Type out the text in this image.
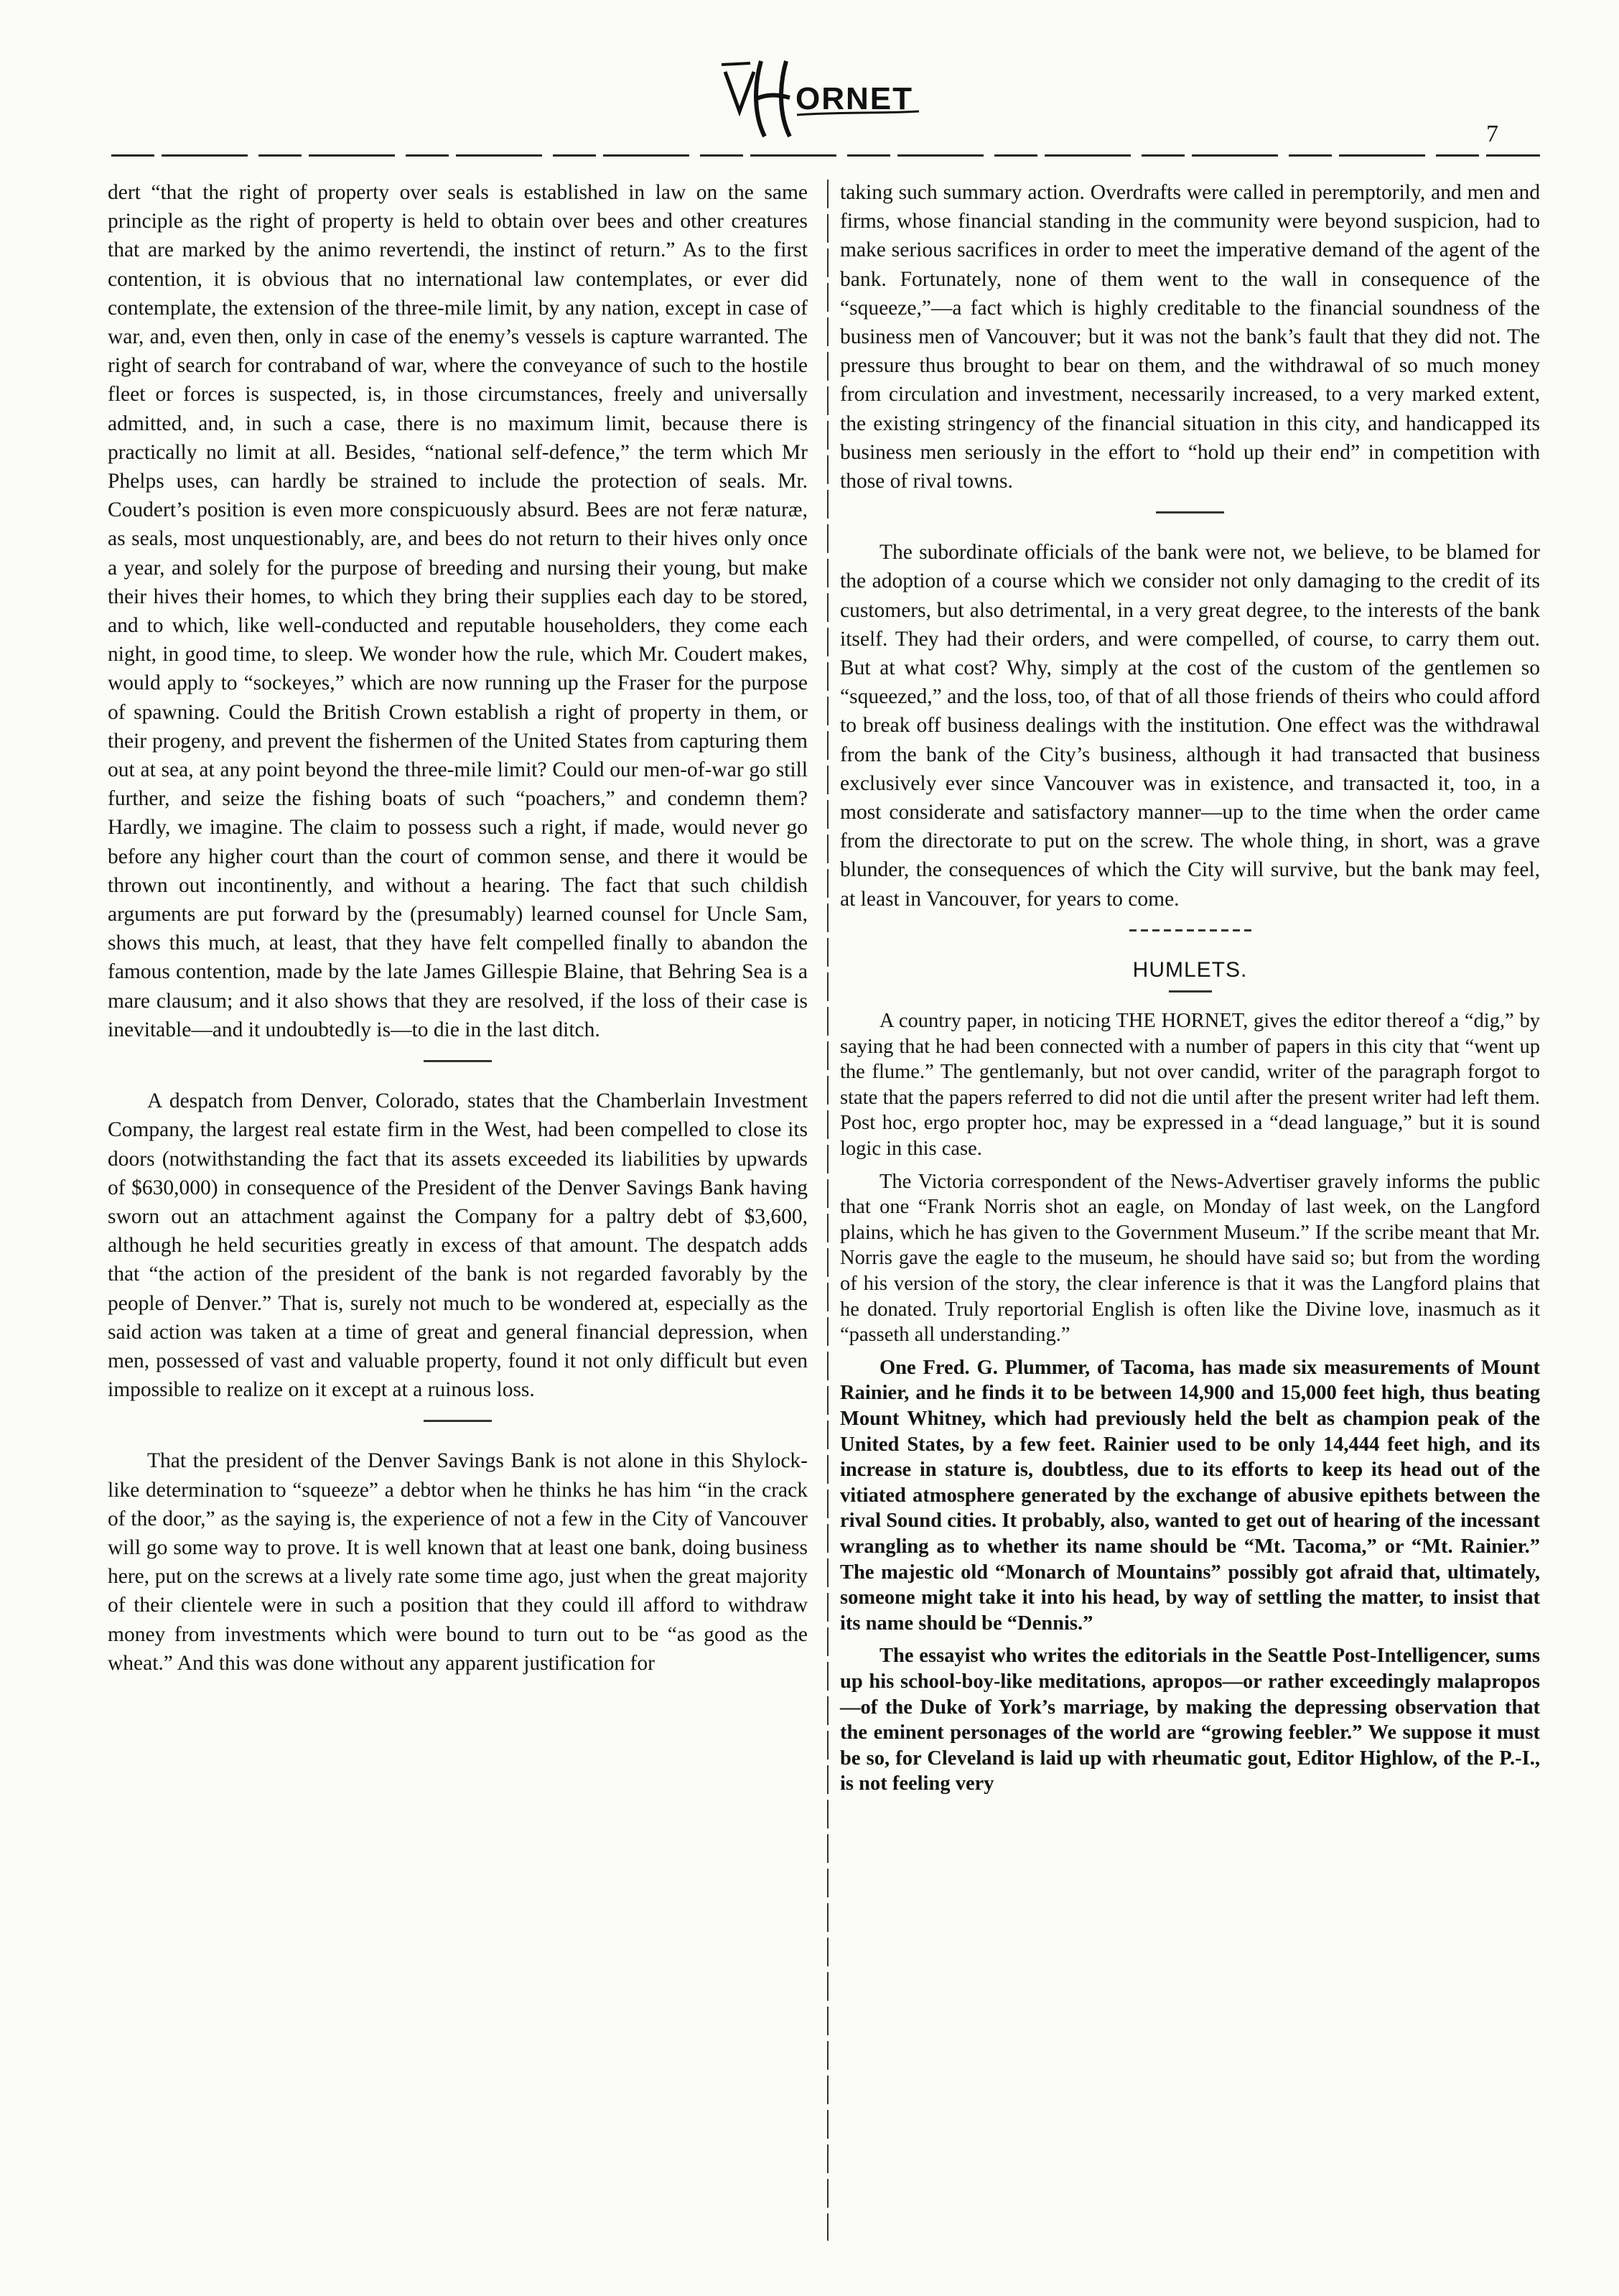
ORNET
7

dert “that the right of property over seals is established in law on the same principle as the right of property is held to obtain over bees and other creatures that are marked by the animo revertendi, the instinct of return.” As to the first contention, it is obvious that no international law contemplates, or ever did contemplate, the extension of the three-mile limit, by any nation, except in case of war, and, even then, only in case of the enemy’s vessels is capture warranted. The right of search for contraband of war, where the conveyance of such to the hostile fleet or forces is suspected, is, in those circumstances, freely and universally admitted, and, in such a case, there is no maximum limit, because there is practically no limit at all. Besides, “national self-defence,” the term which Mr Phelps uses, can hardly be strained to include the protection of seals. Mr. Coudert’s position is even more conspicuously absurd. Bees are not feræ naturæ, as seals, most unquestionably, are, and bees do not return to their hives only once a year, and solely for the purpose of breeding and nursing their young, but make their hives their homes, to which they bring their supplies each day to be stored, and to which, like well-conducted and reputable householders, they come each night, in good time, to sleep. We wonder how the rule, which Mr. Coudert makes, would apply to “sockeyes,” which are now running up the Fraser for the purpose of spawning. Could the British Crown establish a right of property in them, or their progeny, and prevent the fishermen of the United States from capturing them out at sea, at any point beyond the three-mile limit? Could our men-of-war go still further, and seize the fishing boats of such “poachers,” and condemn them? Hardly, we imagine. The claim to possess such a right, if made, would never go before any higher court than the court of common sense, and there it would be thrown out incontinently, and without a hearing. The fact that such childish arguments are put forward by the (presumably) learned counsel for Uncle Sam, shows this much, at least, that they have felt compelled finally to abandon the famous contention, made by the late James Gillespie Blaine, that Behring Sea is a mare clausum; and it also shows that they are resolved, if the loss of their case is inevitable—and it undoubtedly is—to die in the last ditch.

A despatch from Denver, Colorado, states that the Chamberlain Investment Company, the largest real estate firm in the West, had been compelled to close its doors (notwithstanding the fact that its assets exceeded its liabilities by upwards of $630,000) in consequence of the President of the Denver Savings Bank having sworn out an attachment against the Company for a paltry debt of $3,600, although he held securities greatly in excess of that amount. The despatch adds that “the action of the president of the bank is not regarded favorably by the people of Denver.” That is, surely not much to be wondered at, especially as the said action was taken at a time of great and general financial depression, when men, possessed of vast and valuable property, found it not only difficult but even impossible to realize on it except at a ruinous loss.

That the president of the Denver Savings Bank is not alone in this Shylock-like determination to “squeeze” a debtor when he thinks he has him “in the crack of the door,” as the saying is, the experience of not a few in the City of Vancouver will go some way to prove. It is well known that at least one bank, doing business here, put on the screws at a lively rate some time ago, just when the great majority of their clientele were in such a position that they could ill afford to withdraw money from investments which were bound to turn out to be “as good as the wheat.” And this was done without any apparent justification for

taking such summary action. Overdrafts were called in peremptorily, and men and firms, whose financial standing in the community were beyond suspicion, had to make serious sacrifices in order to meet the imperative demand of the agent of the bank. Fortunately, none of them went to the wall in consequence of the “squeeze,”—a fact which is highly creditable to the financial soundness of the business men of Vancouver; but it was not the bank’s fault that they did not. The pressure thus brought to bear on them, and the withdrawal of so much money from circulation and investment, necessarily increased, to a very marked extent, the existing stringency of the financial situation in this city, and handicapped its business men seriously in the effort to “hold up their end” in competition with those of rival towns.

The subordinate officials of the bank were not, we believe, to be blamed for the adoption of a course which we consider not only damaging to the credit of its customers, but also detrimental, in a very great degree, to the interests of the bank itself. They had their orders, and were compelled, of course, to carry them out. But at what cost? Why, simply at the cost of the custom of the gentlemen so “squeezed,” and the loss, too, of that of all those friends of theirs who could afford to break off business dealings with the institution. One effect was the withdrawal from the bank of the City’s business, although it had transacted that business exclusively ever since Vancouver was in existence, and transacted it, too, in a most considerate and satisfactory manner—up to the time when the order came from the directorate to put on the screw. The whole thing, in short, was a grave blunder, the consequences of which the City will survive, but the bank may feel, at least in Vancouver, for years to come.

HUMLETS.

A country paper, in noticing THE HORNET, gives the editor thereof a “dig,” by saying that he had been connected with a number of papers in this city that “went up the flume.” The gentlemanly, but not over candid, writer of the paragraph forgot to state that the papers referred to did not die until after the present writer had left them. Post hoc, ergo propter hoc, may be expressed in a “dead language,” but it is sound logic in this case.

The Victoria correspondent of the News-Advertiser gravely informs the public that one “Frank Norris shot an eagle, on Monday of last week, on the Langford plains, which he has given to the Government Museum.” If the scribe meant that Mr. Norris gave the eagle to the museum, he should have said so; but from the wording of his version of the story, the clear inference is that it was the Langford plains that he donated. Truly reportorial English is often like the Divine love, inasmuch as it “passeth all understanding.”

One Fred. G. Plummer, of Tacoma, has made six measurements of Mount Rainier, and he finds it to be between 14,900 and 15,000 feet high, thus beating Mount Whitney, which had previously held the belt as champion peak of the United States, by a few feet. Rainier used to be only 14,444 feet high, and its increase in stature is, doubtless, due to its efforts to keep its head out of the vitiated atmosphere generated by the exchange of abusive epithets between the rival Sound cities. It probably, also, wanted to get out of hearing of the incessant wrangling as to whether its name should be “Mt. Tacoma,” or “Mt. Rainier.” The majestic old “Monarch of Mountains” possibly got afraid that, ultimately, someone might take it into his head, by way of settling the matter, to insist that its name should be “Dennis.”

The essayist who writes the editorials in the Seattle Post-Intelligencer, sums up his school-boy-like meditations, apropos—or rather exceedingly malapropos—of the Duke of York’s marriage, by making the depressing observation that the eminent personages of the world are “growing feebler.” We suppose it must be so, for Cleveland is laid up with rheumatic gout, Editor Highlow, of the P.-I., is not feeling very
